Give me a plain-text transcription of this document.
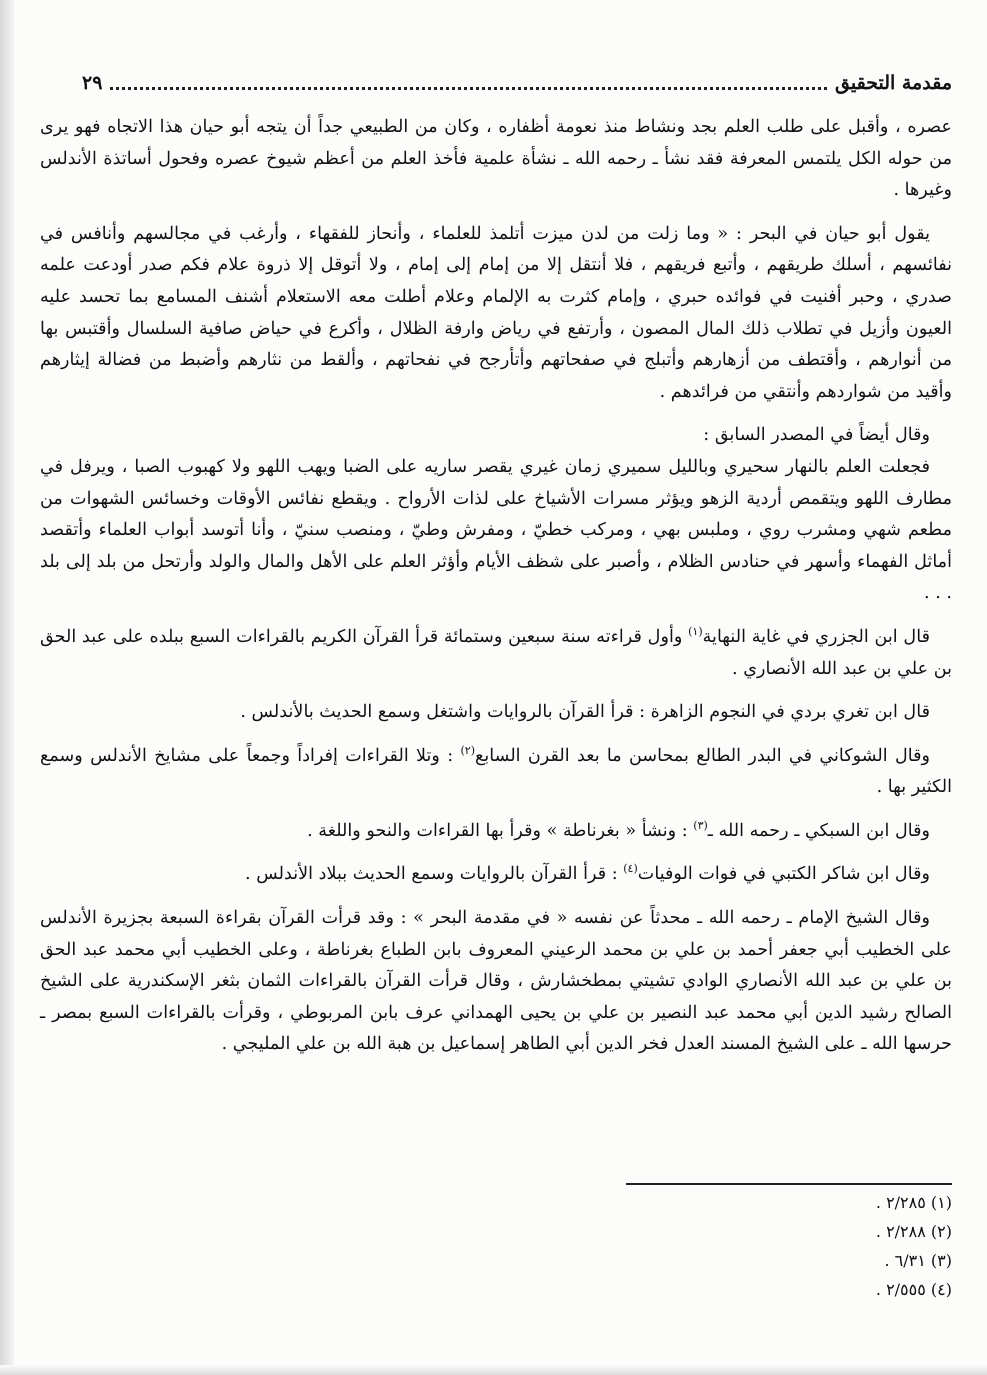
مقدمة التحقيق
٢٩

عصره ، وأقبل على طلب العلم بجد ونشاط منذ نعومة أظفاره ، وكان من الطبيعي جداً أن يتجه أبو حيان هذا الاتجاه فهو يرى من حوله الكل يلتمس المعرفة فقد نشأ ـ رحمه الله ـ نشأة علمية فأخذ العلم من أعظم شيوخ عصره وفحول أساتذة الأندلس وغيرها .

يقول أبو حيان في البحر : « وما زلت من لدن ميزت أتلمذ للعلماء ، وأنحاز للفقهاء ، وأرغب في مجالسهم وأنافس في نفائسهم ، أسلك طريقهم ، وأتبع فريقهم ، فلا أنتقل إلا من إمام إلى إمام ، ولا أتوقل إلا ذروة علام فكم صدر أودعت علمه صدري ، وحبر أفنيت في فوائده حبري ، وإمام كثرت به الإلمام وعلام أطلت معه الاستعلام أشنف المسامع بما تحسد عليه العيون وأزيل في تطلاب ذلك المال المصون ، وأرتفع في رياض وارفة الظلال ، وأكرع في حياض صافية السلسال وأقتبس بها من أنوارهم ، وأقتطف من أزهارهم وأتبلج في صفحاتهم وأتأرجح في نفحاتهم ، وألقط من نثارهم وأضبط من فضالة إيثارهم وأقيد من شواردهم وأنتقي من فرائدهم .

وقال أيضاً في المصدر السابق :

فجعلت العلم بالنهار سحيري وبالليل سميري زمان غيري يقصر ساريه على الضبا ويهب اللهو ولا كهبوب الصبا ، ويرفل في مطارف اللهو ويتقمص أردية الزهو ويؤثر مسرات الأشياخ على لذات الأرواح . ويقطع نفائس الأوقات وخسائس الشهوات من مطعم شهي ومشرب روي ، وملبس بهي ، ومركب خطيّ ، ومفرش وطيّ ، ومنصب سنيّ ، وأنا أتوسد أبواب العلماء وأتقصد أماثل الفهماء وأسهر في حنادس الظلام ، وأصبر على شظف الأيام وأؤثر العلم على الأهل والمال والولد وأرتحل من بلد إلى بلد . . .

قال ابن الجزري في غاية النهاية$^{(١)}$ وأول قراءته سنة سبعين وستمائة قرأ القرآن الكريم بالقراءات السبع ببلده على عبد الحق بن علي بن عبد الله الأنصاري .

قال ابن تغري بردي في النجوم الزاهرة : قرأ القرآن بالروايات واشتغل وسمع الحديث بالأندلس .

وقال الشوكاني في البدر الطالع بمحاسن ما بعد القرن السابع$^{(٢)}$ : وتلا القراءات إفراداً وجمعاً على مشايخ الأندلس وسمع الكثير بها .

وقال ابن السبكي ـ رحمه الله ـ$^{(٣)}$ : ونشأ « بغرناطة » وقرأ بها القراءات والنحو واللغة .

وقال ابن شاكر الكتبي في فوات الوفيات$^{(٤)}$ : قرأ القرآن بالروايات وسمع الحديث ببلاد الأندلس .

وقال الشيخ الإمام ـ رحمه الله ـ محدثاً عن نفسه « في مقدمة البحر » : وقد قرأت القرآن بقراءة السبعة بجزيرة الأندلس على الخطيب أبي جعفر أحمد بن علي بن محمد الرعيني المعروف بابن الطباع بغرناطة ، وعلى الخطيب أبي محمد عبد الحق بن علي بن عبد الله الأنصاري الوادي تشيتي بمطخشارش ، وقال قرأت القرآن بالقراءات الثمان بثغر الإسكندرية على الشيخ الصالح رشيد الدين أبي محمد عبد النصير بن علي بن يحيى الهمداني عرف بابن المربوطي ، وقرأت بالقراءات السبع بمصر ـ حرسها الله ـ على الشيخ المسند العدل فخر الدين أبي الطاهر إسماعيل بن هبة الله بن علي المليجي .

(١) ٢/٢٨٥ .
(٢) ٢/٢٨٨ .
(٣) ٦/٣١ .
(٤) ٢/٥٥٥ .
